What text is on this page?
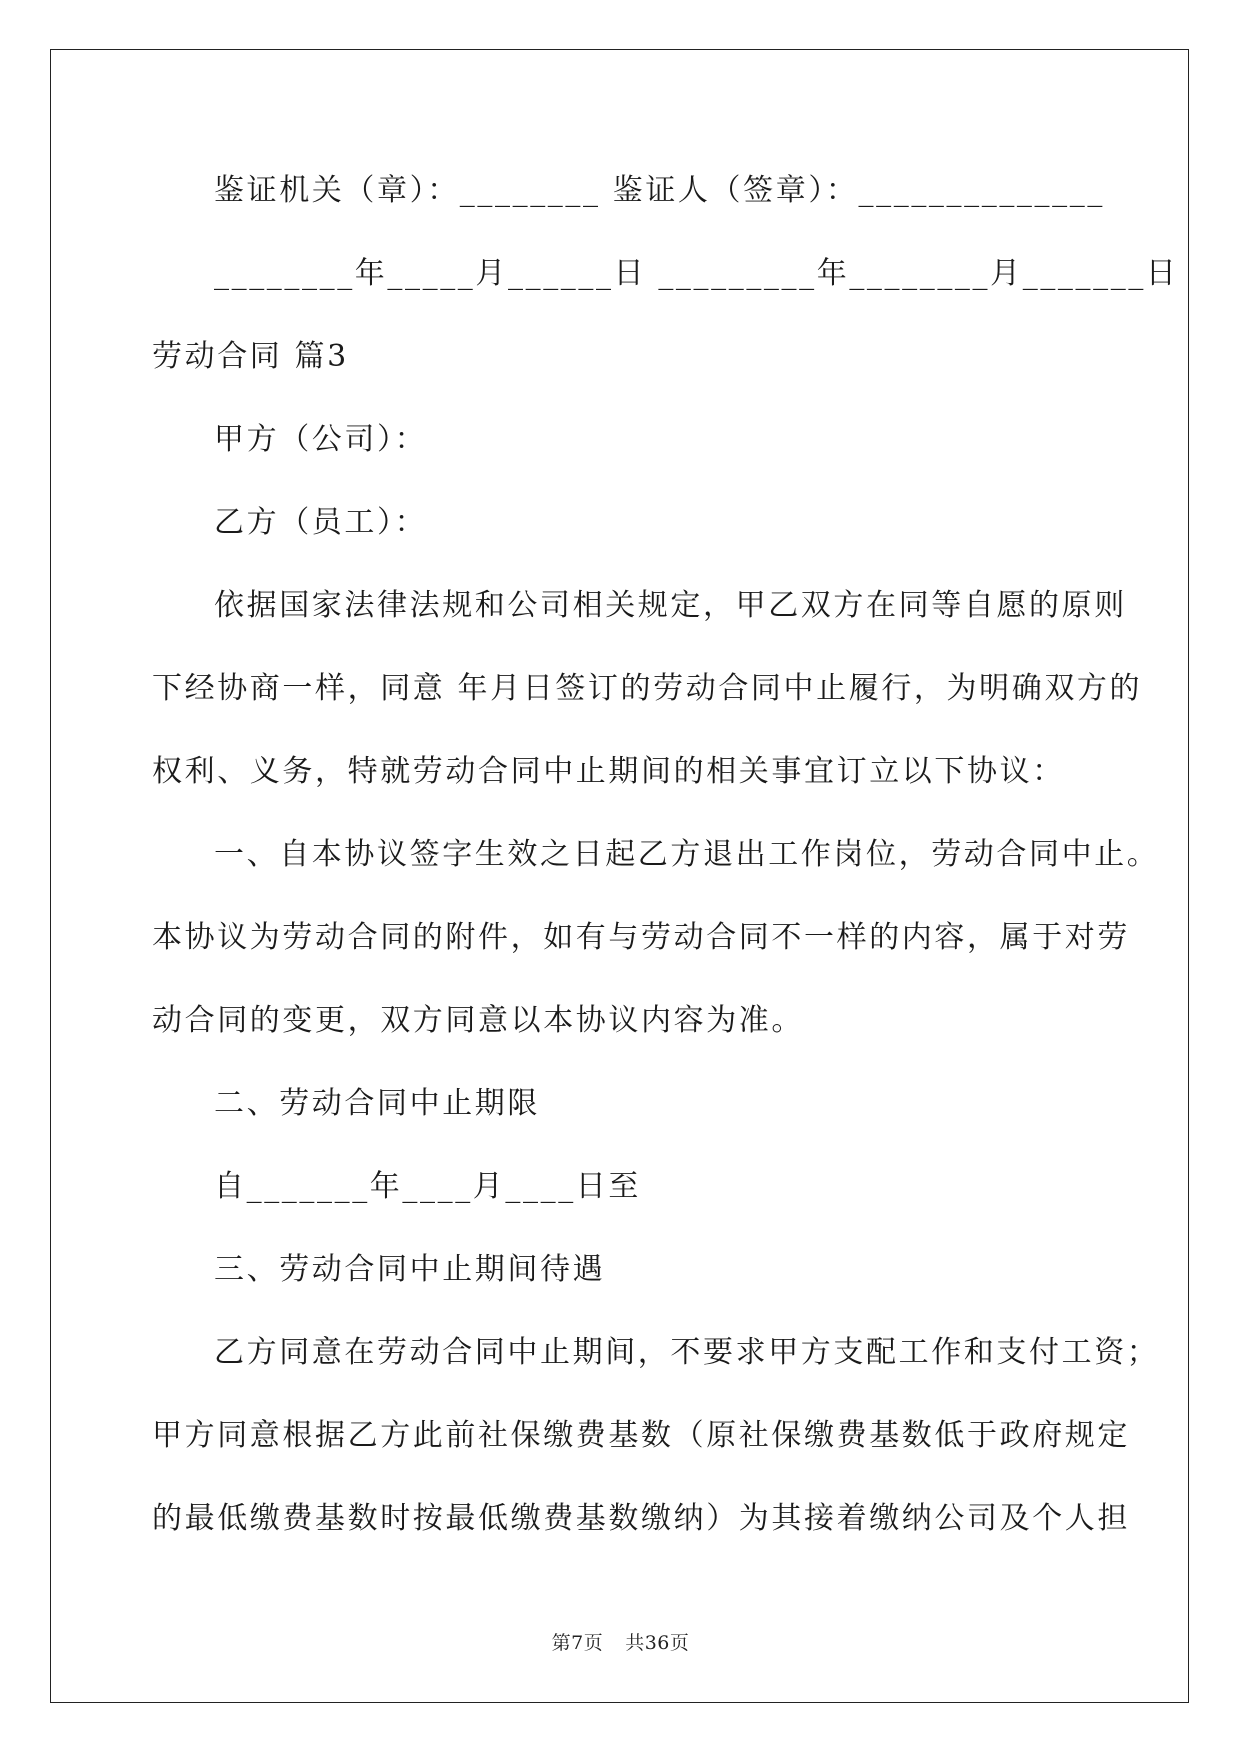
鉴证机关（章）：________ 鉴证人（签章）：______________
________年_____月______日 _________年________月_______日
劳动合同 篇3
甲方（公司）：
乙方（员工）：
依据国家法律法规和公司相关规定，甲乙双方在同等自愿的原则
下经协商一样，同意 年月日签订的劳动合同中止履行，为明确双方的
权利、义务，特就劳动合同中止期间的相关事宜订立以下协议：
一、自本协议签字生效之日起乙方退出工作岗位，劳动合同中止。
本协议为劳动合同的附件，如有与劳动合同不一样的内容，属于对劳
动合同的变更，双方同意以本协议内容为准。
二、劳动合同中止期限
自_______年____月____日至
三、劳动合同中止期间待遇
乙方同意在劳动合同中止期间，不要求甲方支配工作和支付工资；
甲方同意根据乙方此前社保缴费基数（原社保缴费基数低于政府规定
的最低缴费基数时按最低缴费基数缴纳）为其接着缴纳公司及个人担
第7页 共36页
